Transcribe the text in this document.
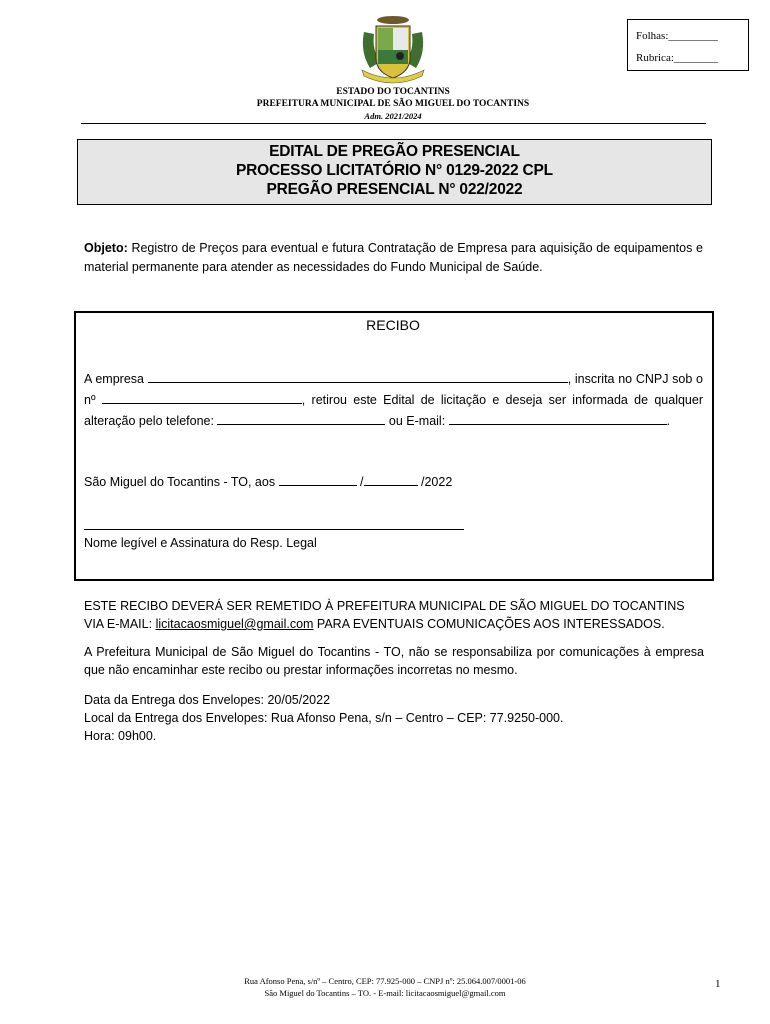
Folhas:_________
Rubrica:________
ESTADO DO TOCANTINS
PREFEITURA MUNICIPAL DE SÃO MIGUEL DO TOCANTINS
Adm. 2021/2024
EDITAL DE PREGÃO PRESENCIAL
PROCESSO LICITATÓRIO N° 0129-2022 CPL
PREGÃO PRESENCIAL N° 022/2022
Objeto: Registro de Preços para eventual e futura Contratação de Empresa para aquisição de equipamentos e material permanente para atender as necessidades do Fundo Municipal de Saúde.
RECIBO
A empresa	, inscrita no CNPJ sob o nº	, retirou este Edital de licitação e deseja ser informada de qualquer alteração pelo telefone:	ou E-mail:	.
São Miguel do Tocantins - TO, aos	/	/2022
Nome legível e Assinatura do Resp. Legal
ESTE RECIBO DEVERÁ SER REMETIDO À PREFEITURA MUNICIPAL DE SÃO MIGUEL DO TOCANTINS VIA E-MAIL: licitacaosmiguel@gmail.com PARA EVENTUAIS COMUNICAÇÕES AOS INTERESSADOS.
A Prefeitura Municipal de São Miguel do Tocantins - TO, não se responsabiliza por comunicações à empresa que não encaminhar este recibo ou prestar informações incorretas no mesmo.
Data da Entrega dos Envelopes: 20/05/2022
Local da Entrega dos Envelopes: Rua Afonso Pena, s/n – Centro – CEP: 77.9250-000.
Hora: 09h00.
Rua Afonso Pena, s/nº – Centro, CEP: 77.925-000 – CNPJ nº: 25.064.007/0001-06
São Miguel do Tocantins – TO. - E-mail: licitacaosmiguel@gmail.com
1
